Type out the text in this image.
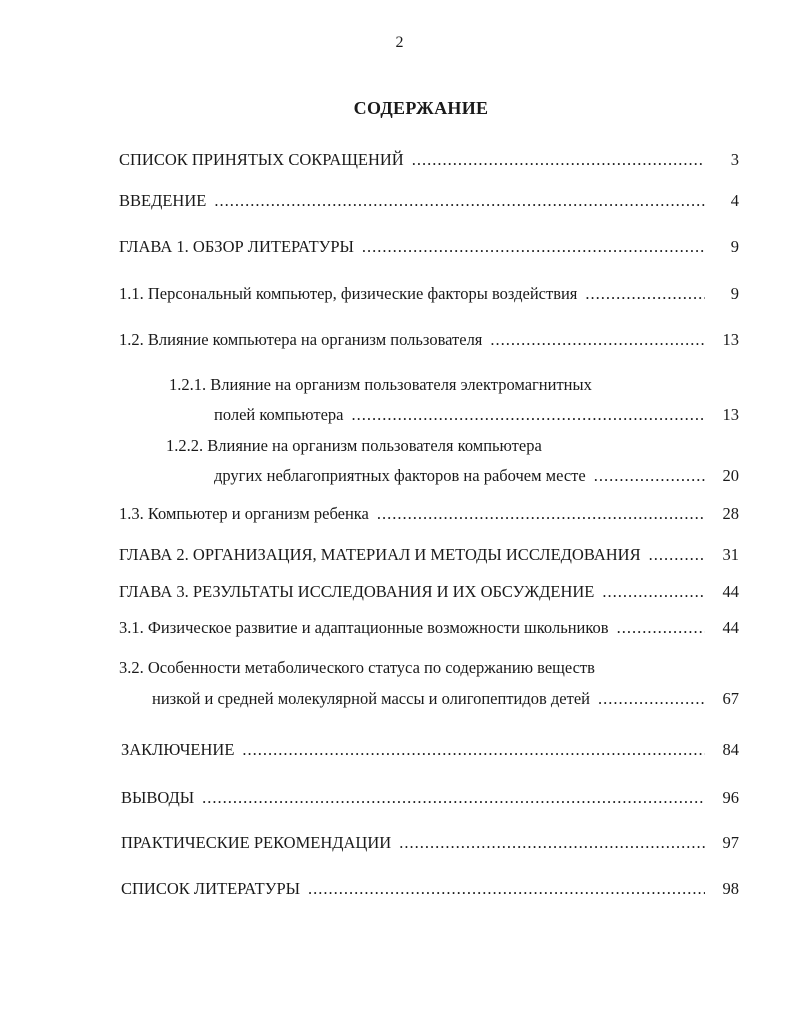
2
СОДЕРЖАНИЕ
СПИСОК ПРИНЯТЫХ СОКРАЩЕНИЙ .....	3
ВВЕДЕНИЕ .....	4
ГЛАВА 1. ОБЗОР ЛИТЕРАТУРЫ .....	9
1.1. Персональный компьютер, физические факторы воздействия .....	9
1.2. Влияние компьютера на организм пользователя .....	13
1.2.1. Влияние на организм пользователя электромагнитных
полей компьютера .....	13
1.2.2. Влияние на организм пользователя компьютера
других неблагоприятных факторов на рабочем месте .....	20
1.3. Компьютер и организм ребенка .....	28
ГЛАВА 2. ОРГАНИЗАЦИЯ, МАТЕРИАЛ И МЕТОДЫ ИССЛЕДОВАНИЯ .....	31
ГЛАВА 3. РЕЗУЛЬТАТЫ ИССЛЕДОВАНИЯ И ИХ ОБСУЖДЕНИЕ .....	44
3.1. Физическое развитие и адаптационные возможности школьников .....	44
3.2. Особенности метаболического статуса по содержанию веществ
низкой и средней молекулярной массы и олигопептидов детей .....	67
ЗАКЛЮЧЕНИЕ .....	84
ВЫВОДЫ .....	96
ПРАКТИЧЕСКИЕ РЕКОМЕНДАЦИИ .....	97
СПИСОК ЛИТЕРАТУРЫ .....	98
